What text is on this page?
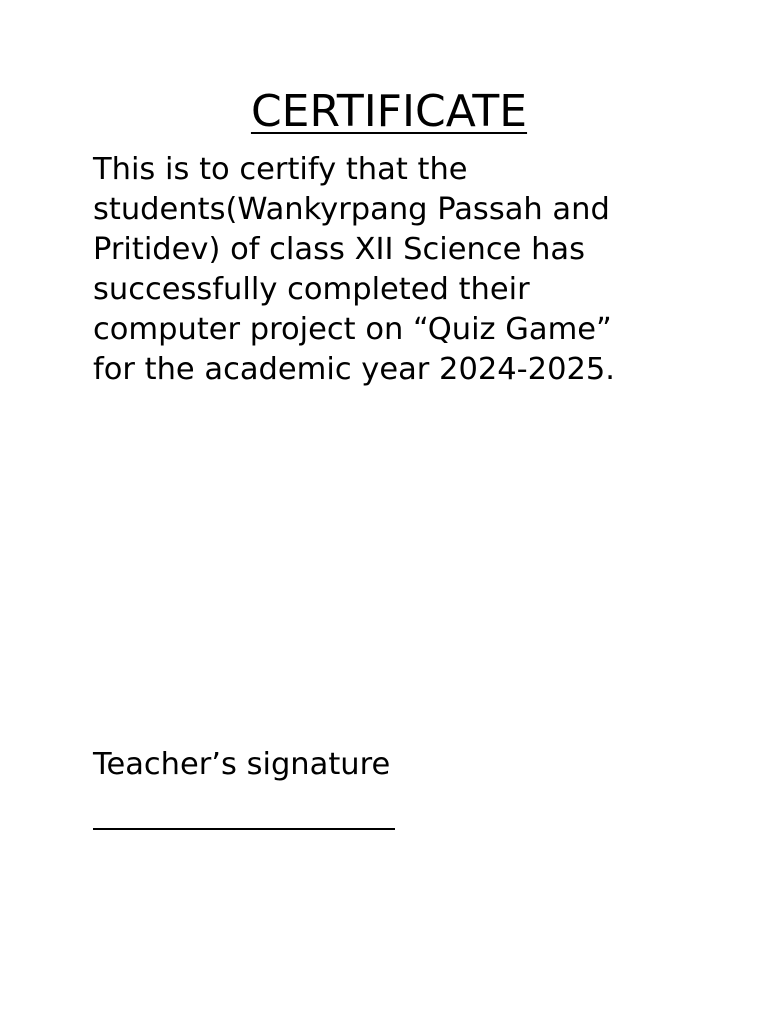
CERTIFICATE
This is to certify that the
students(Wankyrpang Passah and
Pritidev) of class XII Science has
successfully completed their
computer project on “Quiz Game”
for the academic year 2024-2025.
Teacher’s signature
